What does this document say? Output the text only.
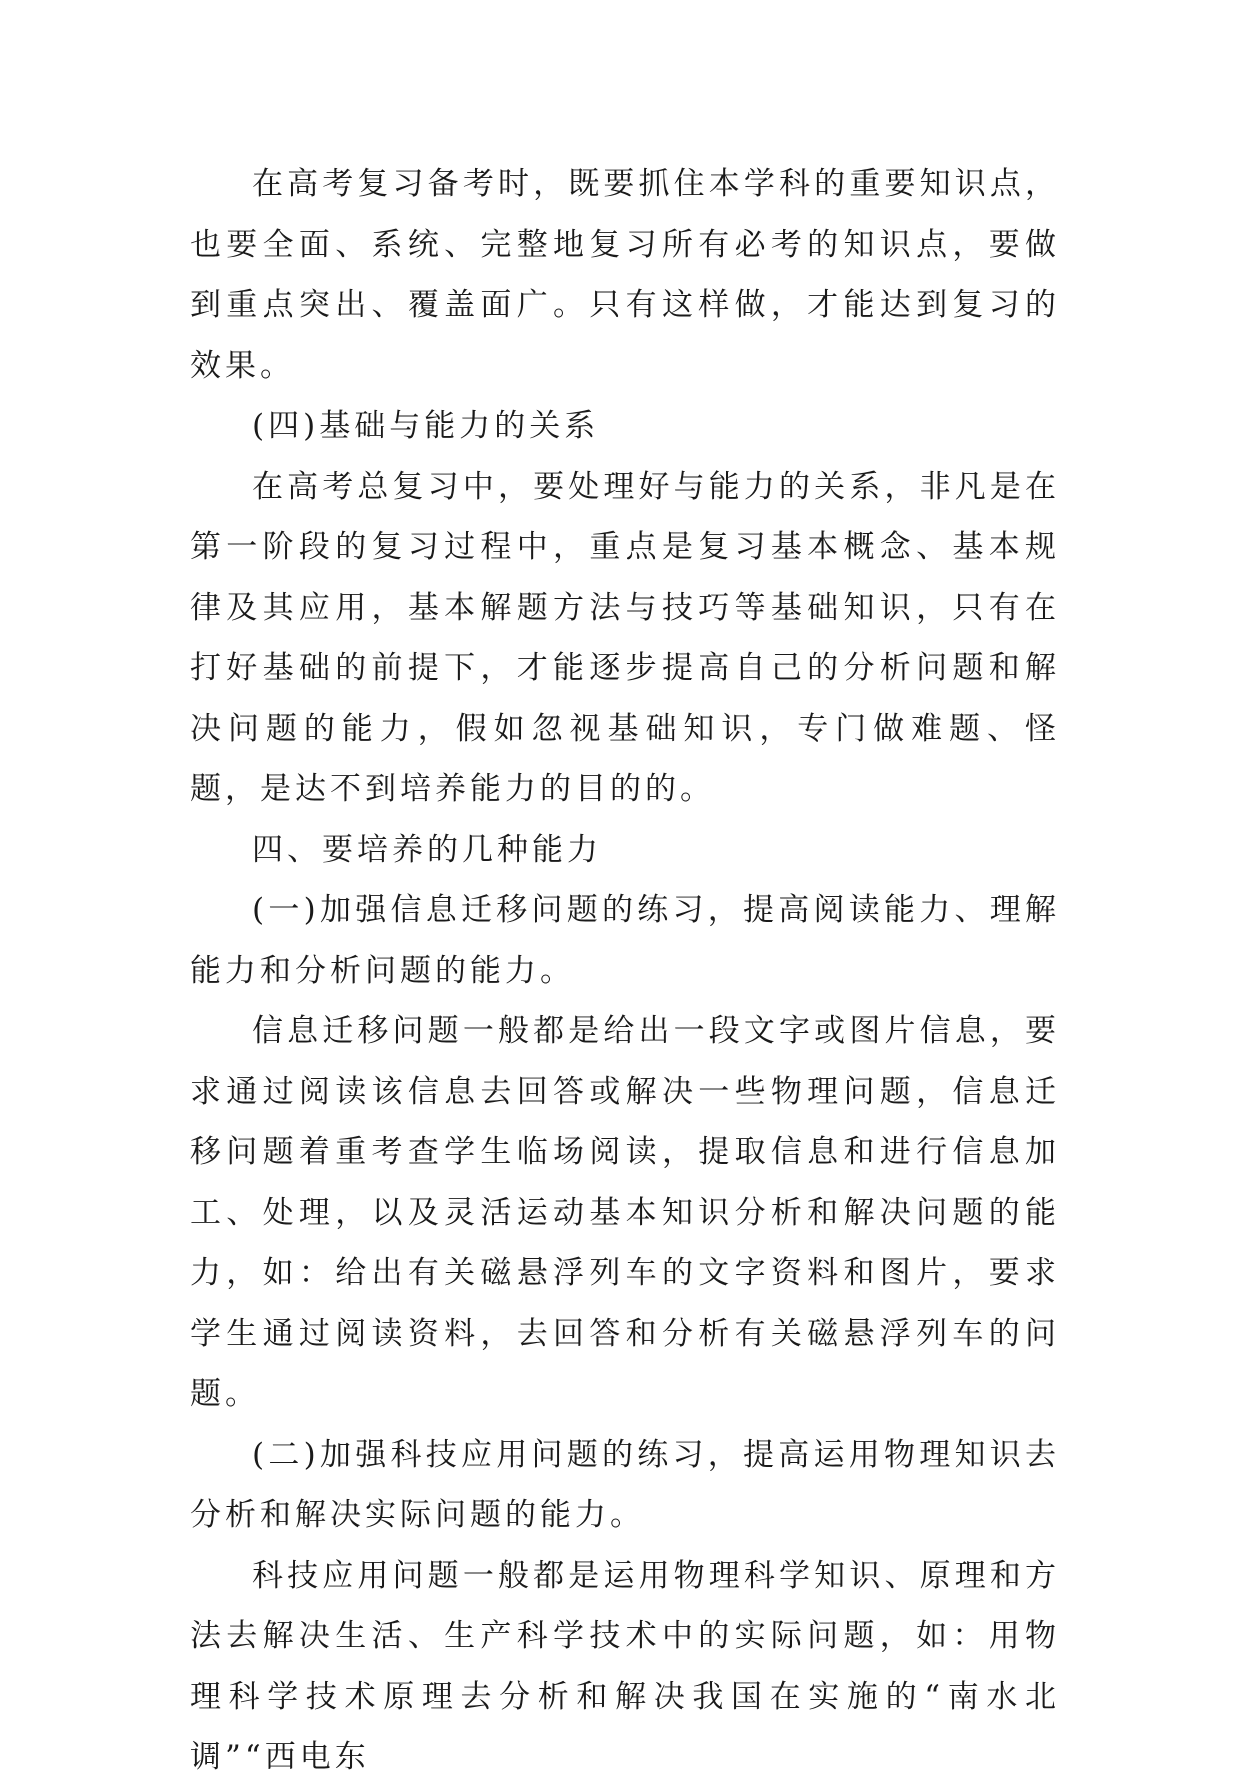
在高考复习备考时，既要抓住本学科的重要知识点，也要全面、系统、完整地复习所有必考的知识点，要做到重点突出、覆盖面广。只有这样做，才能达到复习的效果。

(四)基础与能力的关系

在高考总复习中，要处理好与能力的关系，非凡是在第一阶段的复习过程中，重点是复习基本概念、基本规律及其应用，基本解题方法与技巧等基础知识，只有在打好基础的前提下，才能逐步提高自己的分析问题和解决问题的能力，假如忽视基础知识，专门做难题、怪题，是达不到培养能力的目的的。

四、要培养的几种能力

(一)加强信息迁移问题的练习，提高阅读能力、理解能力和分析问题的能力。

信息迁移问题一般都是给出一段文字或图片信息，要求通过阅读该信息去回答或解决一些物理问题，信息迁移问题着重考查学生临场阅读，提取信息和进行信息加工、处理，以及灵活运动基本知识分析和解决问题的能力，如：给出有关磁悬浮列车的文字资料和图片，要求学生通过阅读资料，去回答和分析有关磁悬浮列车的问题。

(二)加强科技应用问题的练习，提高运用物理知识去分析和解决实际问题的能力。

科技应用问题一般都是运用物理科学知识、原理和方法去解决生活、生产科学技术中的实际问题，如：用物理科学技术原理去分析和解决我国在实施的“南水北调”“西电东
